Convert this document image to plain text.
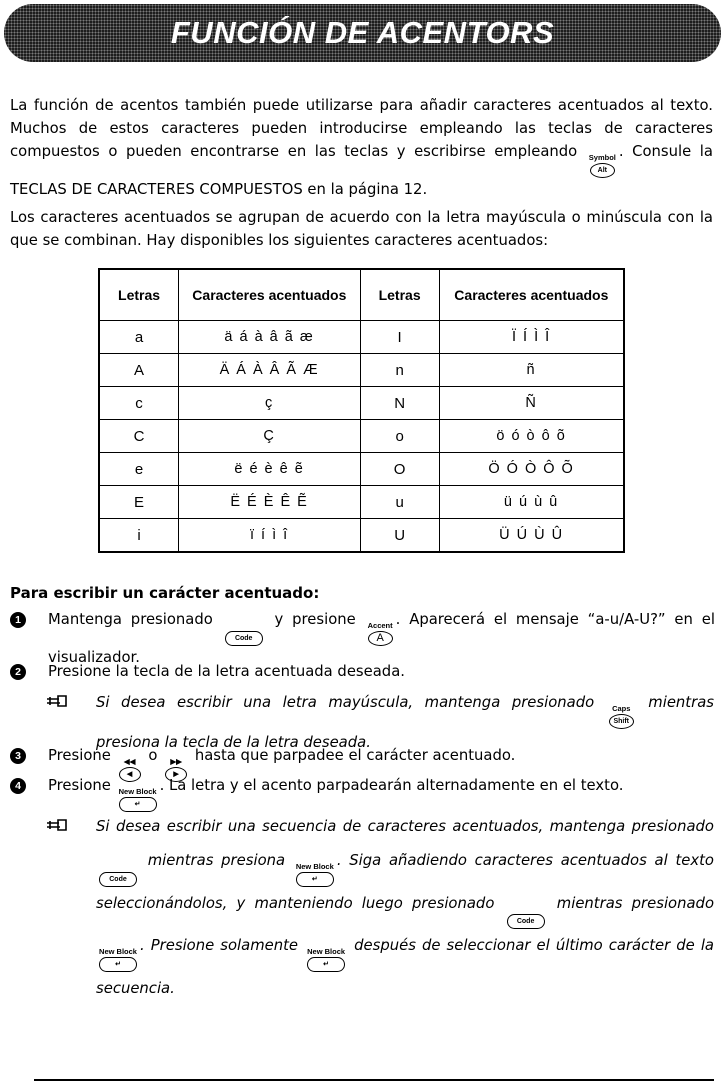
FUNCIÓN DE ACENTORS

La función de acentos también puede utilizarse para añadir caracteres acentuados al texto. Muchos de estos caracteres pueden introducirse empleando las teclas de caracteres compuestos o pueden encontrarse en las teclas y escribirse empleando Symbol
Alt
. Consule la TECLAS DE CARACTERES COMPUESTOS en la página 12.

Los caracteres acentuados se agrupan de acuerdo con la letra mayúscula o minúscula con la que se combinan. Hay disponibles los siguientes caracteres acentuados:

Letras	Caracteres acentuados	Letras	Caracteres acentuados
a	ä á à â ã æ	I	Ï Í Ì Î
A	Ä Á À Â Ã Æ	n	ñ
c	ç	N	Ñ
C	Ç	o	ö ó ò ô õ
e	ë é è ê ẽ	O	Ö Ó Ò Ô Õ
E	Ë É È Ê Ẽ	u	ü ú ù û
i	ï í ì î	U	Ü Ú Ù Û
Para escribir un carácter acentuado:
1	Mantenga presionado

Code
y presione Accent
A
. Aparecerá el mensaje “a-u/A-U?” en el visualizador.
2	Presione la tecla de la letra acentuada deseada.
Si desea escribir una letra mayúscula, mantenga presionado Caps
Shift
mientras presiona la tecla de la letra deseada.
3	Presione ◀◀
◀
o ▶▶
▶
hasta que parpadee el carácter acentuado.
4	Presione New Block
↵
. La letra y el acento parpadearán alternadamente en el texto.
Si desea escribir una secuencia de caracteres acentuados, mantenga presionado

Code
mientras presiona New Block
↵
. Siga añadiendo caracteres acentuados al texto seleccionándolos, y manteniendo luego presionado

Code
mientras presionado
New Block
↵
. Presione solamente New Block
↵
después de seleccionar el último carácter de la secuencia.
